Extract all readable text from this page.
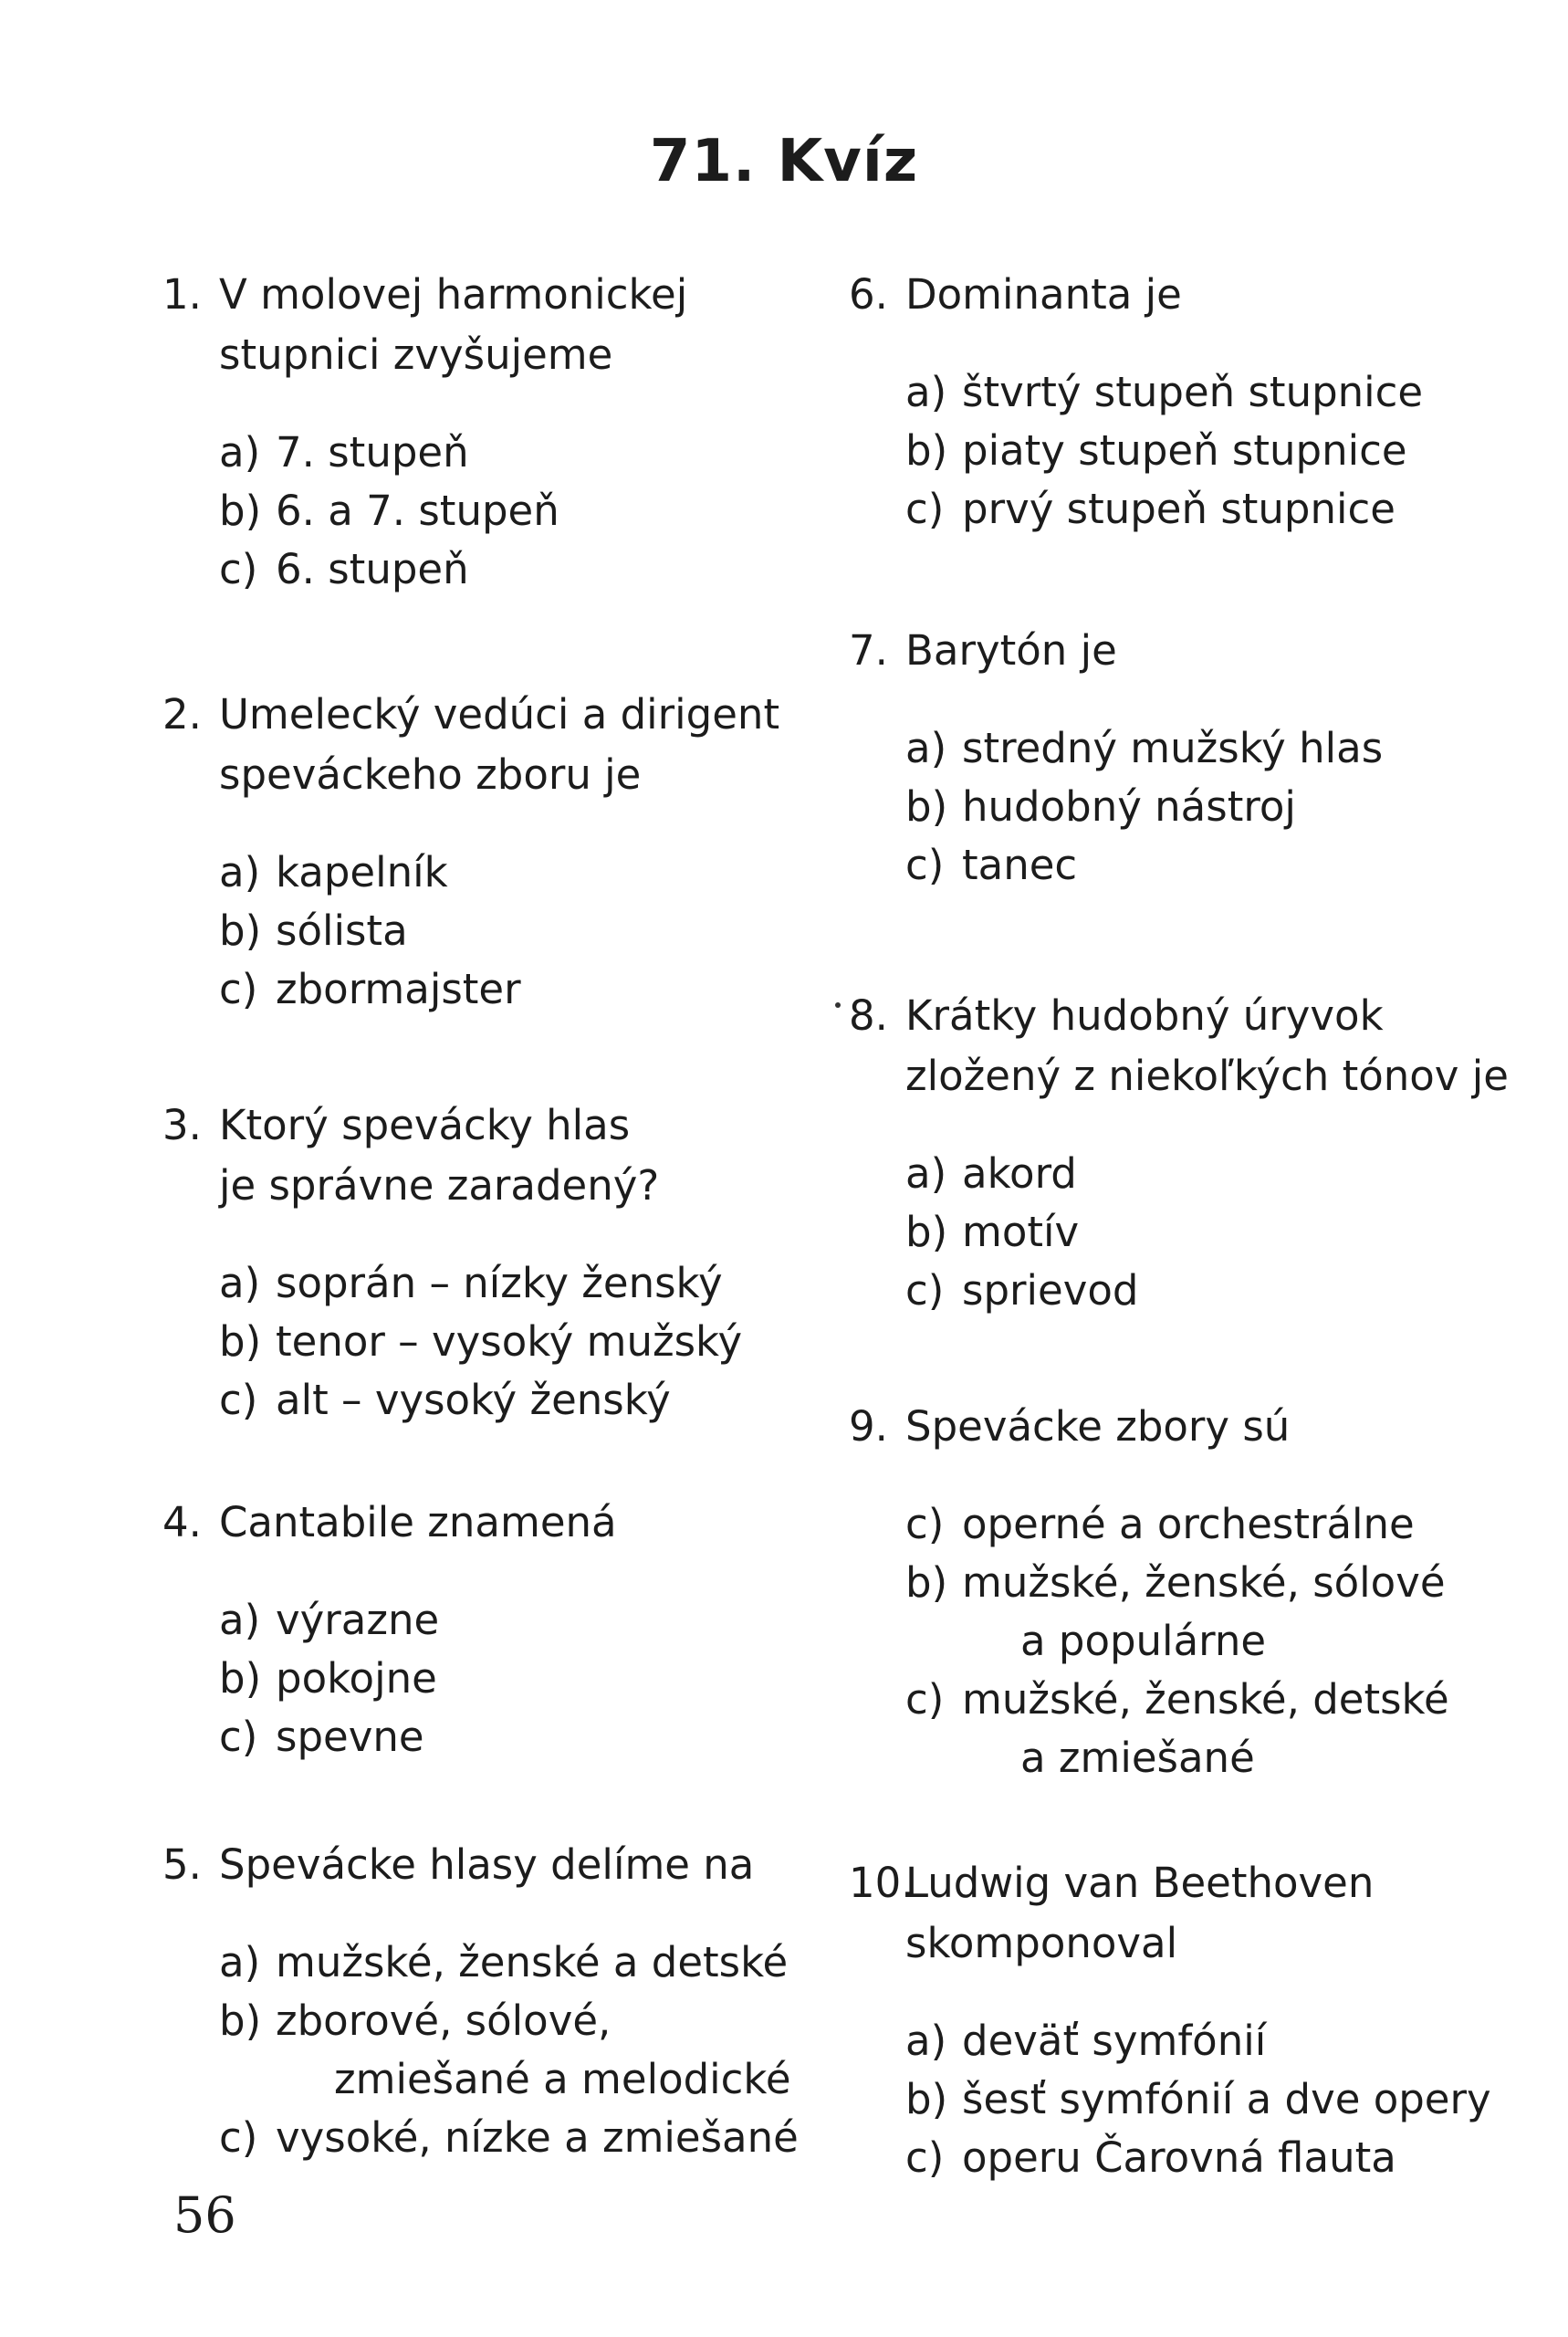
71. Kvíz
1. V molovej harmonickej
stupnici zvyšujeme
a) 7. stupeň
b) 6. a 7. stupeň
c) 6. stupeň
2. Umelecký vedúci a dirigent
speváckeho zboru je
a) kapelník
b) sólista
c) zbormajster
3. Ktorý spevácky hlas
je správne zaradený?
a) soprán – nízky ženský
b) tenor – vysoký mužský
c) alt – vysoký ženský
4. Cantabile znamená
a) výrazne
b) pokojne
c) spevne
5. Spevácke hlasy delíme na
a) mužské, ženské a detské
b) zborové, sólové,
zmiešané a melodické
c) vysoké, nízke a zmiešané
6. Dominanta je
a) štvrtý stupeň stupnice
b) piaty stupeň stupnice
c) prvý stupeň stupnice
7. Barytón je
a) stredný mužský hlas
b) hudobný nástroj
c) tanec
8. Krátky hudobný úryvok
zložený z niekoľkých tónov je
a) akord
b) motív
c) sprievod
9. Spevácke zbory sú
c) operné a orchestrálne
b) mužské, ženské, sólové
a populárne
c) mužské, ženské, detské
a zmiešané
10.
Ludwig van Beethoven
skomponoval
a) deväť symfónií
b) šesť symfónií a dve opery
c) operu Čarovná flauta
56
